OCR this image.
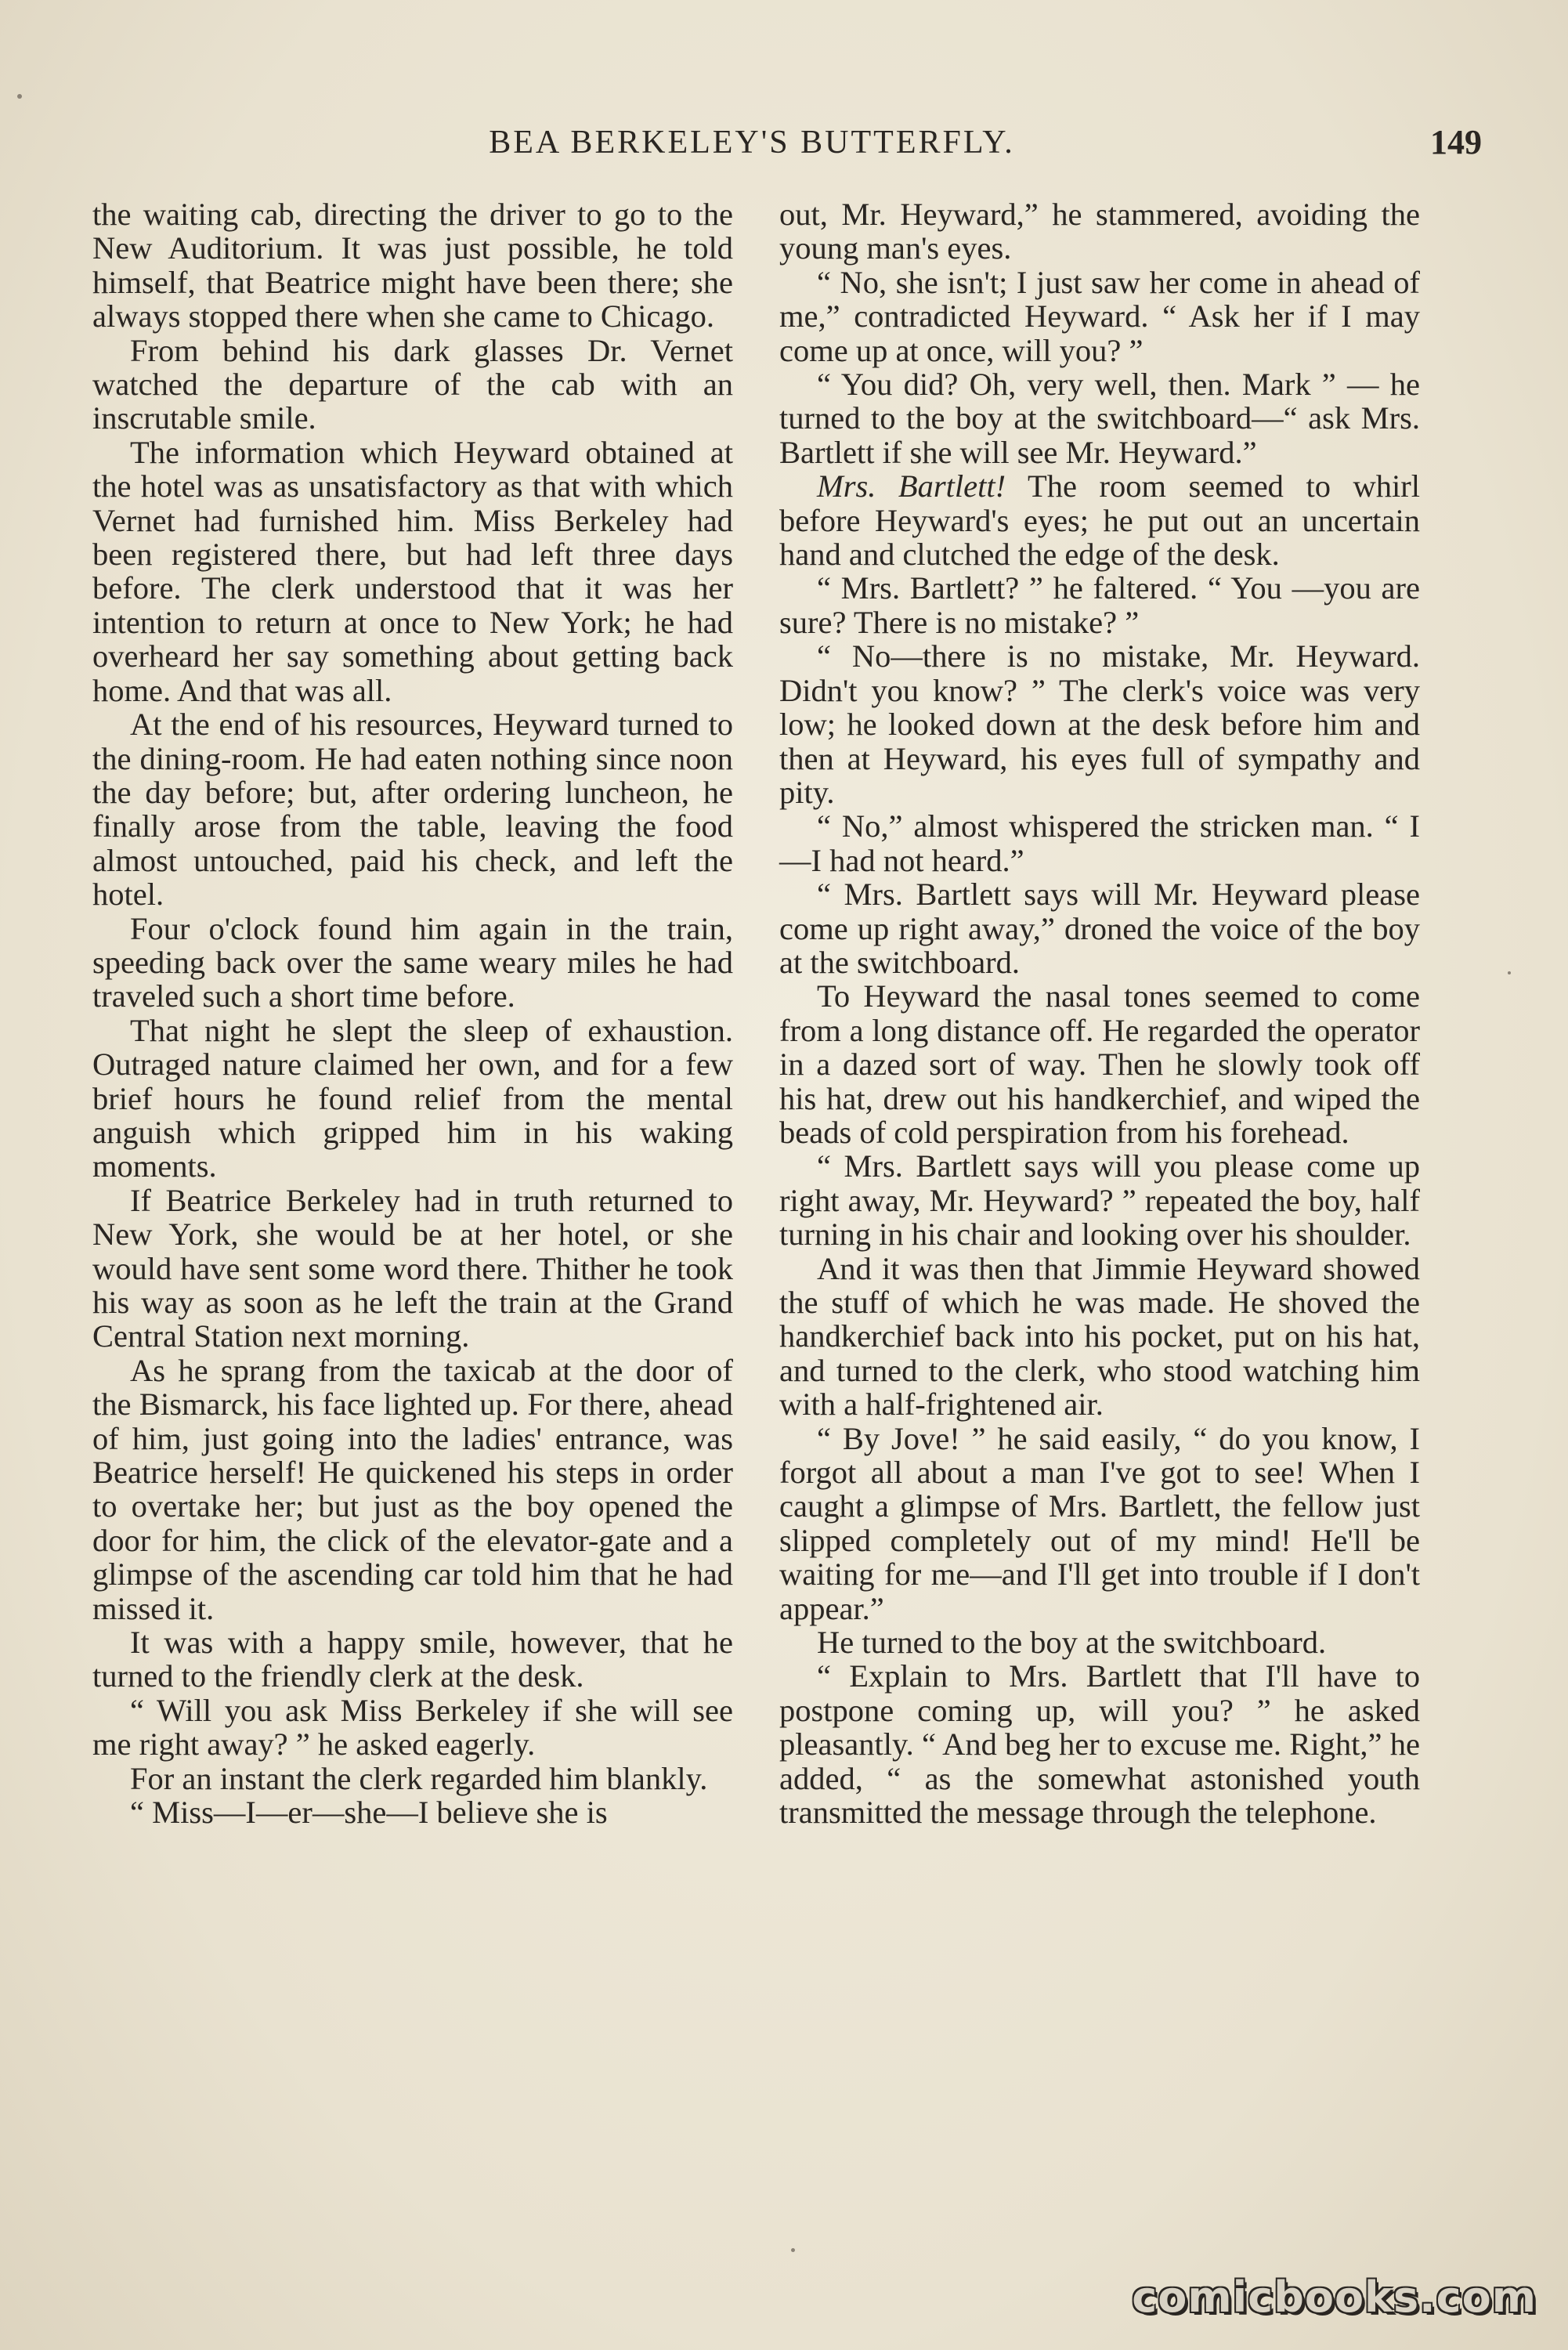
BEA BERKELEY'S BUTTERFLY.	149

the waiting cab, directing the driver to go to the New Auditorium. It was just possible, he told himself, that Beatrice might have been there; she always stopped there when she came to Chicago.

From behind his dark glasses Dr. Vernet watched the departure of the cab with an inscrutable smile.

The information which Heyward obtained at the hotel was as unsatisfactory as that with which Vernet had furnished him. Miss Berkeley had been registered there, but had left three days before. The clerk understood that it was her intention to return at once to New York; he had overheard her say something about getting back home. And that was all.

At the end of his resources, Heyward turned to the dining-room. He had eaten nothing since noon the day before; but, after ordering luncheon, he finally arose from the table, leaving the food almost untouched, paid his check, and left the hotel.

Four o'clock found him again in the train, speeding back over the same weary miles he had traveled such a short time before.

That night he slept the sleep of exhaustion. Outraged nature claimed her own, and for a few brief hours he found relief from the mental anguish which gripped him in his waking moments.

If Beatrice Berkeley had in truth returned to New York, she would be at her hotel, or she would have sent some word there. Thither he took his way as soon as he left the train at the Grand Central Station next morning.

As he sprang from the taxicab at the door of the Bismarck, his face lighted up. For there, ahead of him, just going into the ladies' entrance, was Beatrice herself! He quickened his steps in order to overtake her; but just as the boy opened the door for him, the click of the elevator-gate and a glimpse of the ascending car told him that he had missed it.

It was with a happy smile, however, that he turned to the friendly clerk at the desk.

“ Will you ask Miss Berkeley if she will see me right away? ” he asked eagerly.

For an instant the clerk regarded him blankly.

“ Miss—I—er—she—I believe she is

out, Mr. Heyward,” he stammered, avoiding the young man's eyes.

“ No, she isn't; I just saw her come in ahead of me,” contradicted Heyward. “ Ask her if I may come up at once, will you? ”

“ You did? Oh, very well, then. Mark ” — he turned to the boy at the switchboard—“ ask Mrs. Bartlett if she will see Mr. Heyward.”

Mrs. Bartlett! The room seemed to whirl before Heyward's eyes; he put out an uncertain hand and clutched the edge of the desk.

“ Mrs. Bartlett? ” he faltered. “ You —you are sure? There is no mistake? ”

“ No—there is no mistake, Mr. Heyward. Didn't you know? ” The clerk's voice was very low; he looked down at the desk before him and then at Heyward, his eyes full of sympathy and pity.

“ No,” almost whispered the stricken man. “ I—I had not heard.”

“ Mrs. Bartlett says will Mr. Heyward please come up right away,” droned the voice of the boy at the switchboard.

To Heyward the nasal tones seemed to come from a long distance off. He regarded the operator in a dazed sort of way. Then he slowly took off his hat, drew out his handkerchief, and wiped the beads of cold perspiration from his forehead.

“ Mrs. Bartlett says will you please come up right away, Mr. Heyward? ” repeated the boy, half turning in his chair and looking over his shoulder.

And it was then that Jimmie Heyward showed the stuff of which he was made. He shoved the handkerchief back into his pocket, put on his hat, and turned to the clerk, who stood watching him with a half-frightened air.

“ By Jove! ” he said easily, “ do you know, I forgot all about a man I've got to see! When I caught a glimpse of Mrs. Bartlett, the fellow just slipped completely out of my mind! He'll be waiting for me—and I'll get into trouble if I don't appear.”

He turned to the boy at the switchboard.

“ Explain to Mrs. Bartlett that I'll have to postpone coming up, will you? ” he asked pleasantly. “ And beg her to excuse me. Right,” he added, “ as the somewhat astonished youth transmitted the message through the telephone.

comicbooks.com
